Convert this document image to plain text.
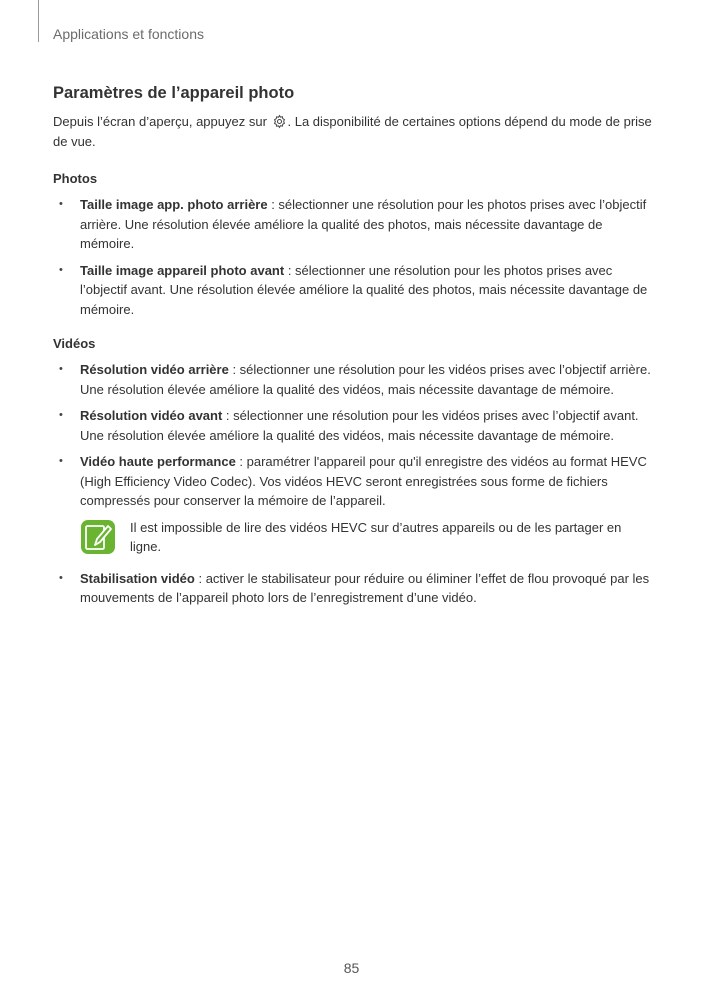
Applications et fonctions
Paramètres de l’appareil photo

Depuis l’écran d’aperçu, appuyez sur . La disponibilité de certaines options dépend du mode de prise de vue.

Photos
• Taille image app. photo arrière : sélectionner une résolution pour les photos prises avec l’objectif arrière. Une résolution élevée améliore la qualité des photos, mais nécessite davantage de mémoire.
• Taille image appareil photo avant : sélectionner une résolution pour les photos prises avec l’objectif avant. Une résolution élevée améliore la qualité des photos, mais nécessite davantage de mémoire.
Vidéos
• Résolution vidéo arrière : sélectionner une résolution pour les vidéos prises avec l’objectif arrière. Une résolution élevée améliore la qualité des vidéos, mais nécessite davantage de mémoire.
• Résolution vidéo avant : sélectionner une résolution pour les vidéos prises avec l’objectif avant. Une résolution élevée améliore la qualité des vidéos, mais nécessite davantage de mémoire.
• Vidéo haute performance : paramétrer l'appareil pour qu'il enregistre des vidéos au format HEVC (High Efficiency Video Codec). Vos vidéos HEVC seront enregistrées sous forme de fichiers compressés pour conserver la mémoire de l’appareil.
Il est impossible de lire des vidéos HEVC sur d’autres appareils ou de les partager en ligne.
• Stabilisation vidéo : activer le stabilisateur pour réduire ou éliminer l’effet de flou provoqué par les mouvements de l’appareil photo lors de l’enregistrement d’une vidéo.
85
